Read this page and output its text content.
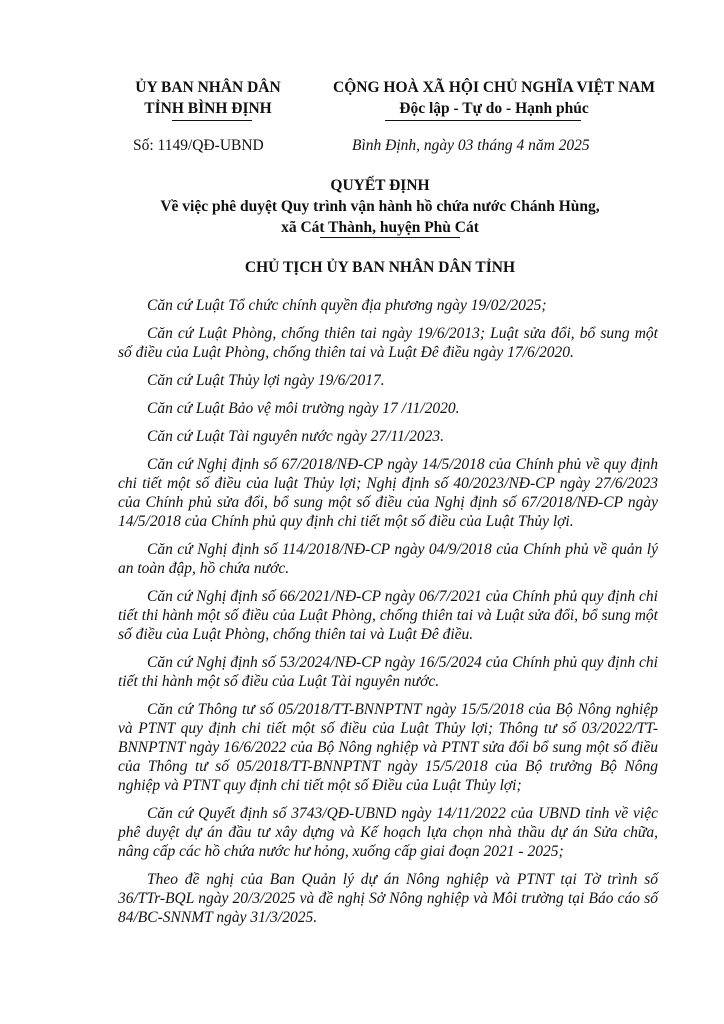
ỦY BAN NHÂN DÂN
TỈNH BÌNH ĐỊNH
CỘNG HOÀ XÃ HỘI CHỦ NGHĨA VIỆT NAM
Độc lập - Tự do - Hạnh phúc
Số: 1149/QĐ-UBND	Bình Định, ngày 03 tháng 4 năm 2025
QUYẾT ĐỊNH
Về việc phê duyệt Quy trình vận hành hồ chứa nước Chánh Hùng,
xã Cát Thành, huyện Phù Cát
CHỦ TỊCH ỦY BAN NHÂN DÂN TỈNH

Căn cứ Luật Tổ chức chính quyền địa phương ngày 19/02/2025;

Căn cứ Luật Phòng, chống thiên tai ngày 19/6/2013; Luật sửa đổi, bổ sung một số điều của Luật Phòng, chống thiên tai và Luật Đê điều ngày 17/6/2020.

Căn cứ Luật Thủy lợi ngày 19/6/2017.

Căn cứ Luật Bảo vệ môi trường ngày 17 /11/2020.

Căn cứ Luật Tài nguyên nước ngày 27/11/2023.

Căn cứ Nghị định số 67/2018/NĐ-CP ngày 14/5/2018 của Chính phủ về quy định chi tiết một số điều của luật Thủy lợi; Nghị định số 40/2023/NĐ-CP ngày 27/6/2023 của Chính phủ sửa đổi, bổ sung một số điều của Nghị định số 67/2018/NĐ-CP ngày 14/5/2018 của Chính phủ quy định chi tiết một số điều của Luật Thủy lợi.

Căn cứ Nghị định số 114/2018/NĐ-CP ngày 04/9/2018 của Chính phủ về quản lý an toàn đập, hồ chứa nước.

Căn cứ Nghị định số 66/2021/NĐ-CP ngày 06/7/2021 của Chính phủ quy định chi tiết thi hành một số điều của Luật Phòng, chống thiên tai và Luật sửa đổi, bổ sung một số điều của Luật Phòng, chống thiên tai và Luật Đê điều.

Căn cứ Nghị định số 53/2024/NĐ-CP ngày 16/5/2024 của Chính phủ quy định chi tiết thi hành một số điều của Luật Tài nguyên nước.

Căn cứ Thông tư số 05/2018/TT-BNNPTNT ngày 15/5/2018 của Bộ Nông nghiệp và PTNT quy định chi tiết một số điều của Luật Thủy lợi; Thông tư số 03/2022/TT-BNNPTNT ngày 16/6/2022 của Bộ Nông nghiệp và PTNT sửa đổi bổ sung một số điều của Thông tư số 05/2018/TT-BNNPTNT ngày 15/5/2018 của Bộ trưởng Bộ Nông nghiệp và PTNT quy định chi tiết một số Điều của Luật Thủy lợi;

Căn cứ Quyết định số 3743/QĐ-UBND ngày 14/11/2022 của UBND tỉnh về việc phê duyệt dự án đầu tư xây dựng và Kế hoạch lựa chọn nhà thầu dự án Sửa chữa, nâng cấp các hồ chứa nước hư hỏng, xuống cấp giai đoạn 2021 - 2025;

Theo đề nghị của Ban Quản lý dự án Nông nghiệp và PTNT tại Tờ trình số 36/TTr-BQL ngày 20/3/2025 và đề nghị Sở Nông nghiệp và Môi trường tại Báo cáo số 84/BC-SNNMT ngày 31/3/2025.
